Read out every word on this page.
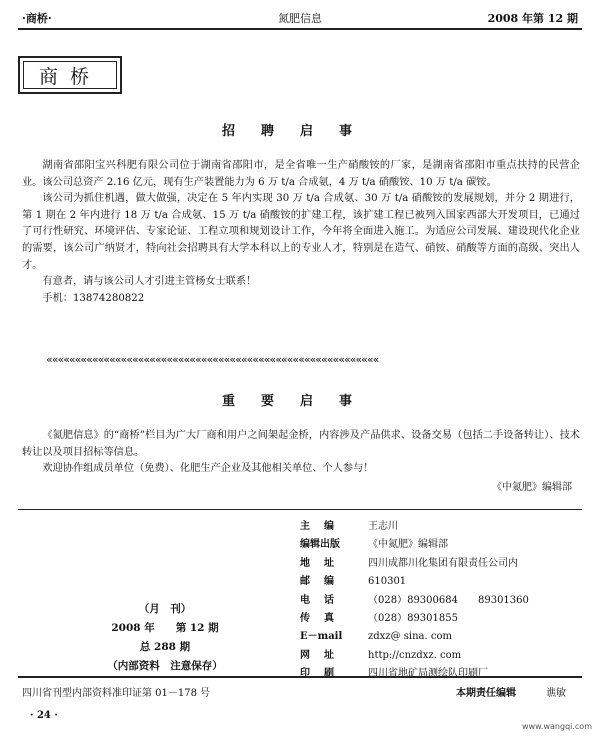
·商桥·	氮肥信息	2008 年第 12 期
商桥
招聘启事
湖南省邵阳宝兴科肥有限公司位于湖南省邵阳市，是全省唯一生产硝酸铵的厂家，是湖南省邵阳市重点扶持的民营企业。该公司总资产 2.16 亿元，现有生产装置能力为 6 万 t/a 合成氨，4 万 t/a 硝酸铵、10 万 t/a 碳铵。
该公司为抓住机遇，做大做强，决定在 5 年内实现 30 万 t/a 合成氨、30 万 t/a 硝酸铵的发展规划，并分 2 期进行，第 1 期在 2 年内进行 18 万 t/a 合成氨、15 万 t/a 硝酸铵的扩建工程，该扩建工程已被列入国家西部大开发项目，已通过了可行性研究、环境评估、专家论证、工程立项和规划设计工作，今年将全面进入施工。为适应公司发展、建设现代化企业的需要，该公司广纳贤才，特向社会招聘具有大学本科以上的专业人才，特别是在造气、硝铵、硝酸等方面的高级、突出人才。
有意者，请与该公司人才引进主管杨女士联系！
手机：13874280822
««««««««««««««««««««««««««««««««««««««««««««««««««««««««««
重要启事
《氮肥信息》的“商桥”栏目为广大厂商和用户之间架起金桥，内容涉及产品供求、设备交易（包括二手设备转让）、技术转让以及项目招标等信息。
欢迎协作组成员单位（免费）、化肥生产企业及其他相关单位、个人参与！
《中氮肥》编辑部
主　编	王志川
编辑出版	《中氮肥》编辑部
地　址	四川成都川化集团有限责任公司内
邮　编	610301
电　话	（028）89300684　　89301360
传　真	（028）89301855
E－mail	zdxz@ sina. com
网　址	http://cnzdxz. com
印　刷	四川省地矿局测绘队印刷厂
（月　刊）
2008 年　　第 12 期
总 288 期
（内部资料　注意保存）
四川省刊型内部资料准印证第 01－178 号	本期责任编辑	谯敏
· 24 ·
www.wangqi.com
